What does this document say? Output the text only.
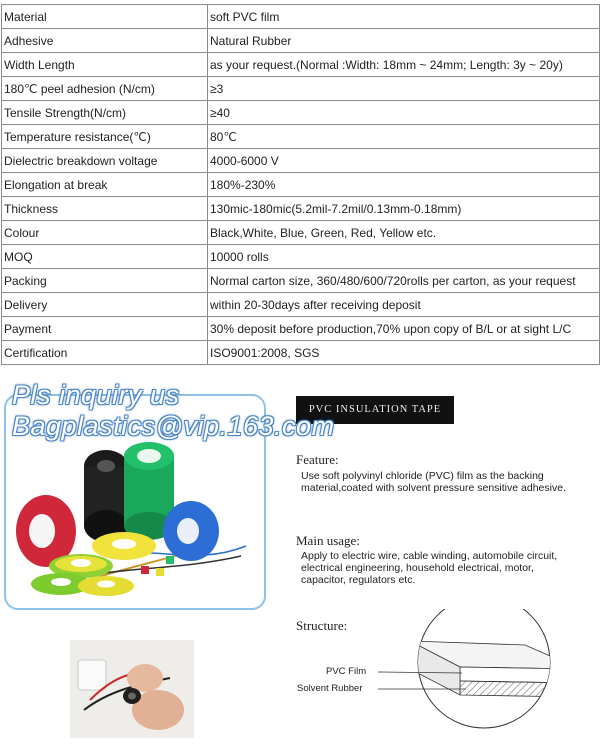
Material	soft PVC film
Adhesive	Natural Rubber
Width Length	as your request.(Normal :Width: 18mm ~ 24mm; Length: 3y ~ 20y)
180℃ peel adhesion (N/cm)	≥3
Tensile Strength(N/cm)	≥40
Temperature resistance(℃)	80℃
Dielectric breakdown voltage	4000-6000 V
Elongation at break	180%-230%
Thickness	130mic-180mic(5.2mil-7.2mil/0.13mm-0.18mm)
Colour	Black,White, Blue, Green, Red, Yellow etc.
MOQ	10000 rolls
Packing	Normal carton size, 360/480/600/720rolls per carton, as your request
Delivery	within 20-30days after receiving deposit
Payment	30% deposit before production,70% upon copy of B/L or at sight L/C
Certification	ISO9001:2008, SGS
Pls inquiry us
Bagplastics@vip.163.com
PVC INSULATION TAPE
Feature:
Use soft polyvinyl chloride (PVC) film as the backing
material,coated with solvent pressure sensitive adhesive.
Main usage:
Apply to electric wire, cable winding, automobile circuit,
electrical engineering, household electrical, motor,
capacitor, regulators etc.
Structure:
PVC Film
Solvent Rubber
